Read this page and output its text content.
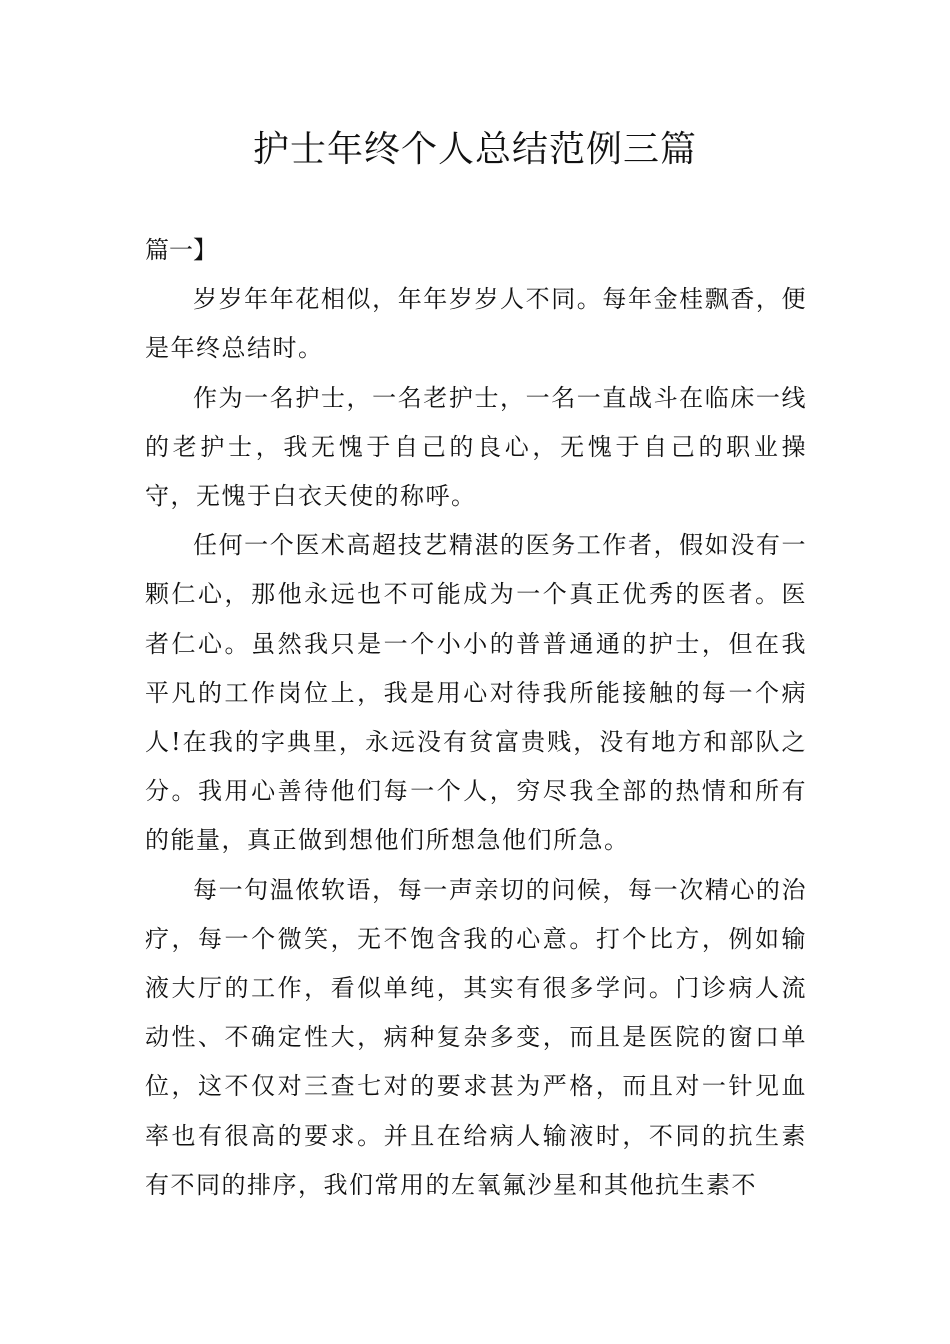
护士年终个人总结范例三篇

篇一】

岁岁年年花相似，年年岁岁人不同。每年金桂飘香，便是年终总结时。

作为一名护士，一名老护士，一名一直战斗在临床一线的老护士，我无愧于自己的良心，无愧于自己的职业操守，无愧于白衣天使的称呼。

任何一个医术高超技艺精湛的医务工作者，假如没有一颗仁心，那他永远也不可能成为一个真正优秀的医者。医者仁心。虽然我只是一个小小的普普通通的护士，但在我平凡的工作岗位上，我是用心对待我所能接触的每一个病人!在我的字典里，永远没有贫富贵贱，没有地方和部队之分。我用心善待他们每一个人，穷尽我全部的热情和所有的能量，真正做到想他们所想急他们所急。

每一句温侬软语，每一声亲切的问候，每一次精心的治疗，每一个微笑，无不饱含我的心意。打个比方，例如输液大厅的工作，看似单纯，其实有很多学问。门诊病人流动性、不确定性大，病种复杂多变，而且是医院的窗口单位，这不仅对三查七对的要求甚为严格，而且对一针见血率也有很高的要求。并且在给病人输液时，不同的抗生素有不同的排序，我们常用的左氧氟沙星和其他抗生素不
